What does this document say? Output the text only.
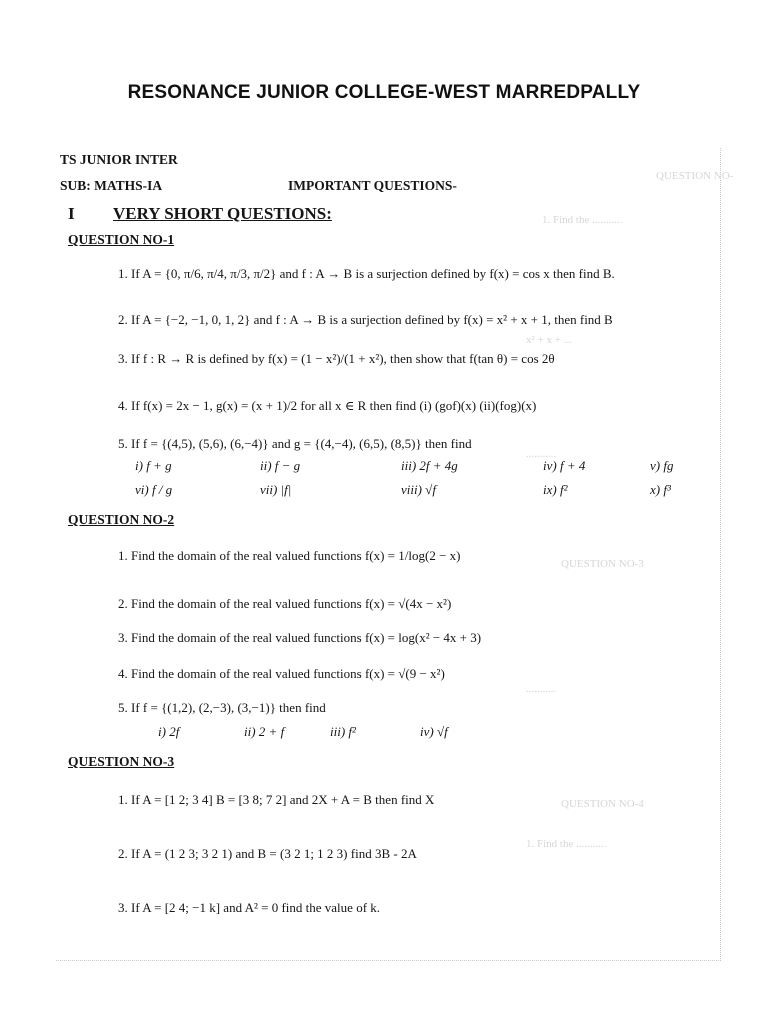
RESONANCE JUNIOR COLLEGE-WEST MARREDPALLY
QUESTION NO-
1. Find the ...........
x² + x + ...
...........
QUESTION NO-3
...........
QUESTION NO-4
1. Find the ...........
TS JUNIOR INTER
SUB: MATHS-IA	IMPORTANT QUESTIONS-
I VERY SHORT QUESTIONS:
QUESTION NO-1
1. If A = {0, π/6, π/4, π/3, π/2} and f : A → B is a surjection defined by f(x) = cos x then find B.
2. If A = {−2, −1, 0, 1, 2} and f : A → B is a surjection defined by f(x) = x² + x + 1, then find B
3. If f : R → R is defined by f(x) = (1 − x²)/(1 + x²), then show that f(tan θ) = cos 2θ
4. If f(x) = 2x − 1, g(x) = (x + 1)/2 for all x ∈ R then find (i) (gof)(x) (ii)(fog)(x)
5. If f = {(4,5), (5,6), (6,−4)} and g = {(4,−4), (6,5), (8,5)} then find
i) f + g	ii) f − g	iii) 2f + 4g	iv) f + 4	v) fg
vi) f / g	vii) |f|	viii) √f	ix) f²	x) f³
QUESTION NO-2
1. Find the domain of the real valued functions f(x) = 1/log(2 − x)
2. Find the domain of the real valued functions f(x) = √(4x − x²)
3. Find the domain of the real valued functions f(x) = log(x² − 4x + 3)
4. Find the domain of the real valued functions f(x) = √(9 − x²)
5. If f = {(1,2), (2,−3), (3,−1)} then find
i) 2f	ii) 2 + f	iii) f²	iv) √f
QUESTION NO-3
1. If A = [1 2; 3 4] B = [3 8; 7 2] and 2X + A = B then find X
2. If A = (1 2 3; 3 2 1) and B = (3 2 1; 1 2 3) find 3B - 2A
3. If A = [2 4; −1 k] and A² = 0 find the value of k.
